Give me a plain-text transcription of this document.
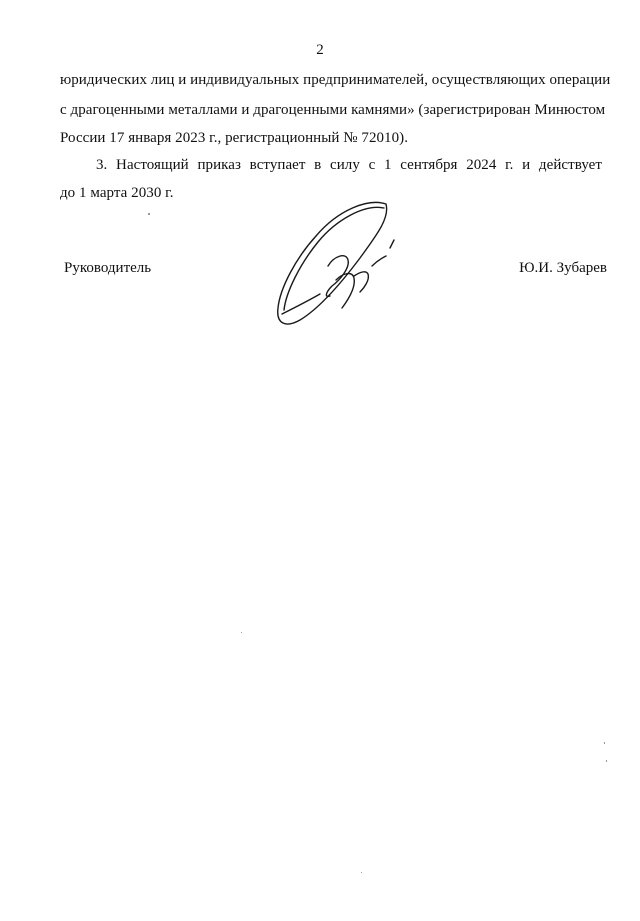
2
юридических лиц и индивидуальных предпринимателей, осуществляющих операции
с драгоценными металлами и драгоценными камнями» (зарегистрирован Минюстом
России 17 января 2023 г., регистрационный № 72010).
3. Настоящий приказ вступает в силу с 1 сентября 2024 г. и действует
до 1 марта 2030 г.
Руководитель	Ю.И. Зубарев
